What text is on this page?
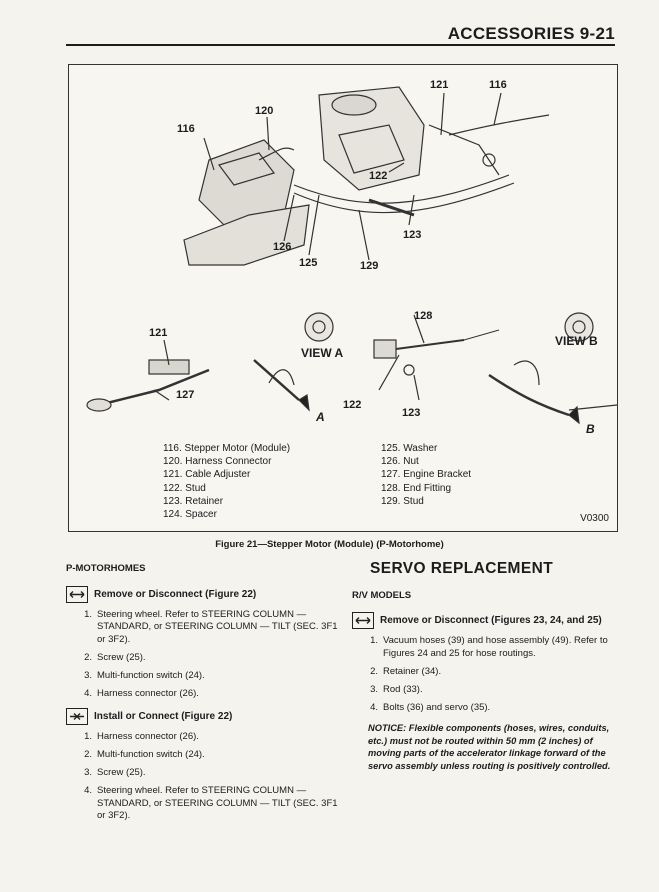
ACCESSORIES 9-21
121	116
120
116
122
123
126
125	129
121
127
128
122
123
VIEW A
VIEW B
A
B
116. Stepper Motor (Module)
120. Harness Connector
121. Cable Adjuster
122. Stud
123. Retainer
124. Spacer
125. Washer
126. Nut
127. Engine Bracket
128. End Fitting
129. Stud
V0300
Figure 21—Stepper Motor (Module) (P-Motorhome)
P-MOTORHOMES
Remove or Disconnect (Figure 22)
1. Steering wheel. Refer to STEERING COLUMN — STANDARD, or STEERING COLUMN — TILT (SEC. 3F1 or 3F2).
2. Screw (25).
3. Multi-function switch (24).
4. Harness connector (26).
Install or Connect (Figure 22)
1. Harness connector (26).
2. Multi-function switch (24).
3. Screw (25).
4. Steering wheel. Refer to STEERING COLUMN — STANDARD, or STEERING COLUMN — TILT (SEC. 3F1 or 3F2).
SERVO REPLACEMENT
R/V MODELS
Remove or Disconnect (Figures 23, 24, and 25)
1. Vacuum hoses (39) and hose assembly (49). Refer to Figures 24 and 25 for hose routings.
2. Retainer (34).
3. Rod (33).
4. Bolts (36) and servo (35).
NOTICE: Flexible components (hoses, wires, conduits, etc.) must not be routed within 50 mm (2 inches) of moving parts of the accelerator linkage forward of the servo assembly unless routing is positively controlled.
